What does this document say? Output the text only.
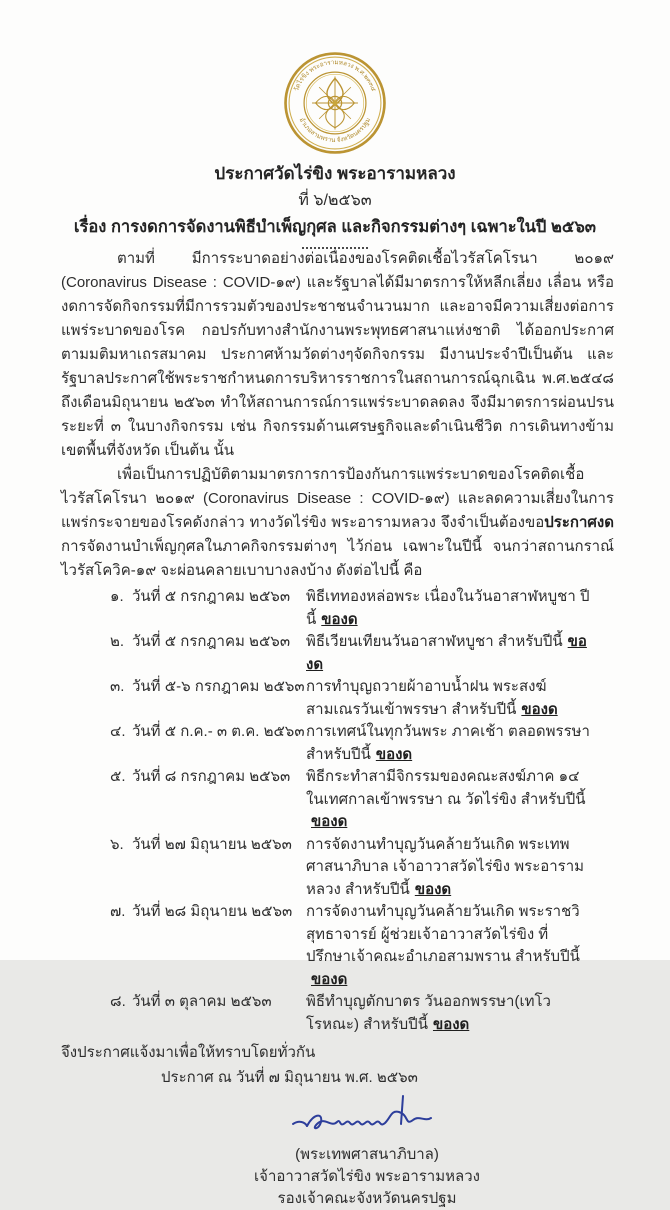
วัดไร่ขิง พระอารามหลวง พ.ศ.๒๓๓๔
อำเภอสามพราน จังหวัดนครปฐม
ประกาศวัดไร่ขิง พระอารามหลวง
ที่ ๖/๒๕๖๓
เรื่อง การงดการจัดงานพิธีบำเพ็ญกุศล และกิจกรรมต่างๆ เฉพาะในปี ๒๕๖๓

ตามที่ มีการระบาดอย่างต่อเนื่องของโรคติดเชื้อไวรัสโคโรนา ๒๐๑๙ (Coronavirus Disease : COVID-๑๙) และรัฐบาลได้มีมาตรการให้หลีกเลี่ยง เลื่อน หรืองดการจัดกิจกรรมที่มีการรวมตัวของประชาชนจำนวนมาก และอาจมีความเสี่ยงต่อการแพร่ระบาดของโรค กอปรกับทางสำนักงานพระพุทธศาสนาแห่งชาติ ได้ออกประกาศตามมติมหาเถรสมาคม ประกาศห้ามวัดต่างๆจัดกิจกรรม มีงานประจำปีเป็นต้น และรัฐบาลประกาศใช้พระราชกำหนดการบริหารราชการในสถานการณ์ฉุกเฉิน พ.ศ.๒๕๔๘ ถึงเดือนมิถุนายน ๒๕๖๓ ทำให้สถานการณ์การแพร่ระบาดลดลง จึงมีมาตรการผ่อนปรนระยะที่ ๓ ในบางกิจกรรม เช่น กิจกรรมด้านเศรษฐกิจและดำเนินชีวิต การเดินทางข้ามเขตพื้นที่จังหวัด เป็นต้น นั้น

เพื่อเป็นการปฏิบัติตามมาตรการการป้องกันการแพร่ระบาดของโรคติดเชื้อไวรัสโคโรนา ๒๐๑๙ (Coronavirus Disease : COVID-๑๙) และลดความเสี่ยงในการแพร่กระจายของโรคดังกล่าว ทางวัดไร่ขิง พระอารามหลวง จึงจำเป็นต้องขอประกาศงดการจัดงานบำเพ็ญกุศลในภาคกิจกรรมต่างๆ ไว้ก่อน เฉพาะในปีนี้ จนกว่าสถานกราณ์ไวรัสโควิค-๑๙ จะผ่อนคลายเบาบางลงบ้าง ดังต่อไปนี้ คือ

๑.	วันที่ ๕ กรกฎาคม ๒๕๖๓	พิธีเททองหล่อพระ เนื่องในวันอาสาฬหบูชา ปีนี้ ของด
๒.	วันที่ ๕ กรกฎาคม ๒๕๖๓	พิธีเวียนเทียนวันอาสาฬหบูชา สำหรับปีนี้ ของด
๓.	วันที่ ๕-๖ กรกฎาคม ๒๕๖๓	การทำบุญถวายผ้าอาบน้ำฝน พระสงฆ์สามเณรวันเข้าพรรษา สำหรับปีนี้ ของด
๔.	วันที่ ๕ ก.ค.- ๓ ต.ค. ๒๕๖๓	การเทศน์ในทุกวันพระ ภาคเช้า ตลอดพรรษา สำหรับปีนี้ ของด
๕.	วันที่ ๘ กรกฎาคม ๒๕๖๓	พิธีกระทำสามีจิกรรมของคณะสงฆ์ภาค ๑๔ ในเทศกาลเข้าพรรษา ณ วัดไร่ขิง สำหรับปีนี้ของด
๖.	วันที่ ๒๗ มิถุนายน ๒๕๖๓	การจัดงานทำบุญวันคล้ายวันเกิด พระเทพศาสนาภิบาล เจ้าอาวาสวัดไร่ขิง พระอารามหลวง สำหรับปีนี้ ของด
๗.	วันที่ ๒๘ มิถุนายน ๒๕๖๓	การจัดงานทำบุญวันคล้ายวันเกิด พระราชวิสุทธาจารย์ ผู้ช่วยเจ้าอาวาสวัดไร่ขิง ที่ปรึกษาเจ้าคณะอำเภอสามพราน สำหรับปีนี้ของด
๘.	วันที่ ๓ ตุลาคม ๒๕๖๓	พิธีทำบุญตักบาตร วันออกพรรษา(เทโวโรหณะ) สำหรับปีนี้ ของด

จึงประกาศแจ้งมาเพื่อให้ทราบโดยทั่วกัน

ประกาศ ณ วันที่ ๗ มิถุนายน พ.ศ. ๒๕๖๓

(พระเทพศาสนาภิบาล)
เจ้าอาวาสวัดไร่ขิง พระอารามหลวง
รองเจ้าคณะจังหวัดนครปฐม
